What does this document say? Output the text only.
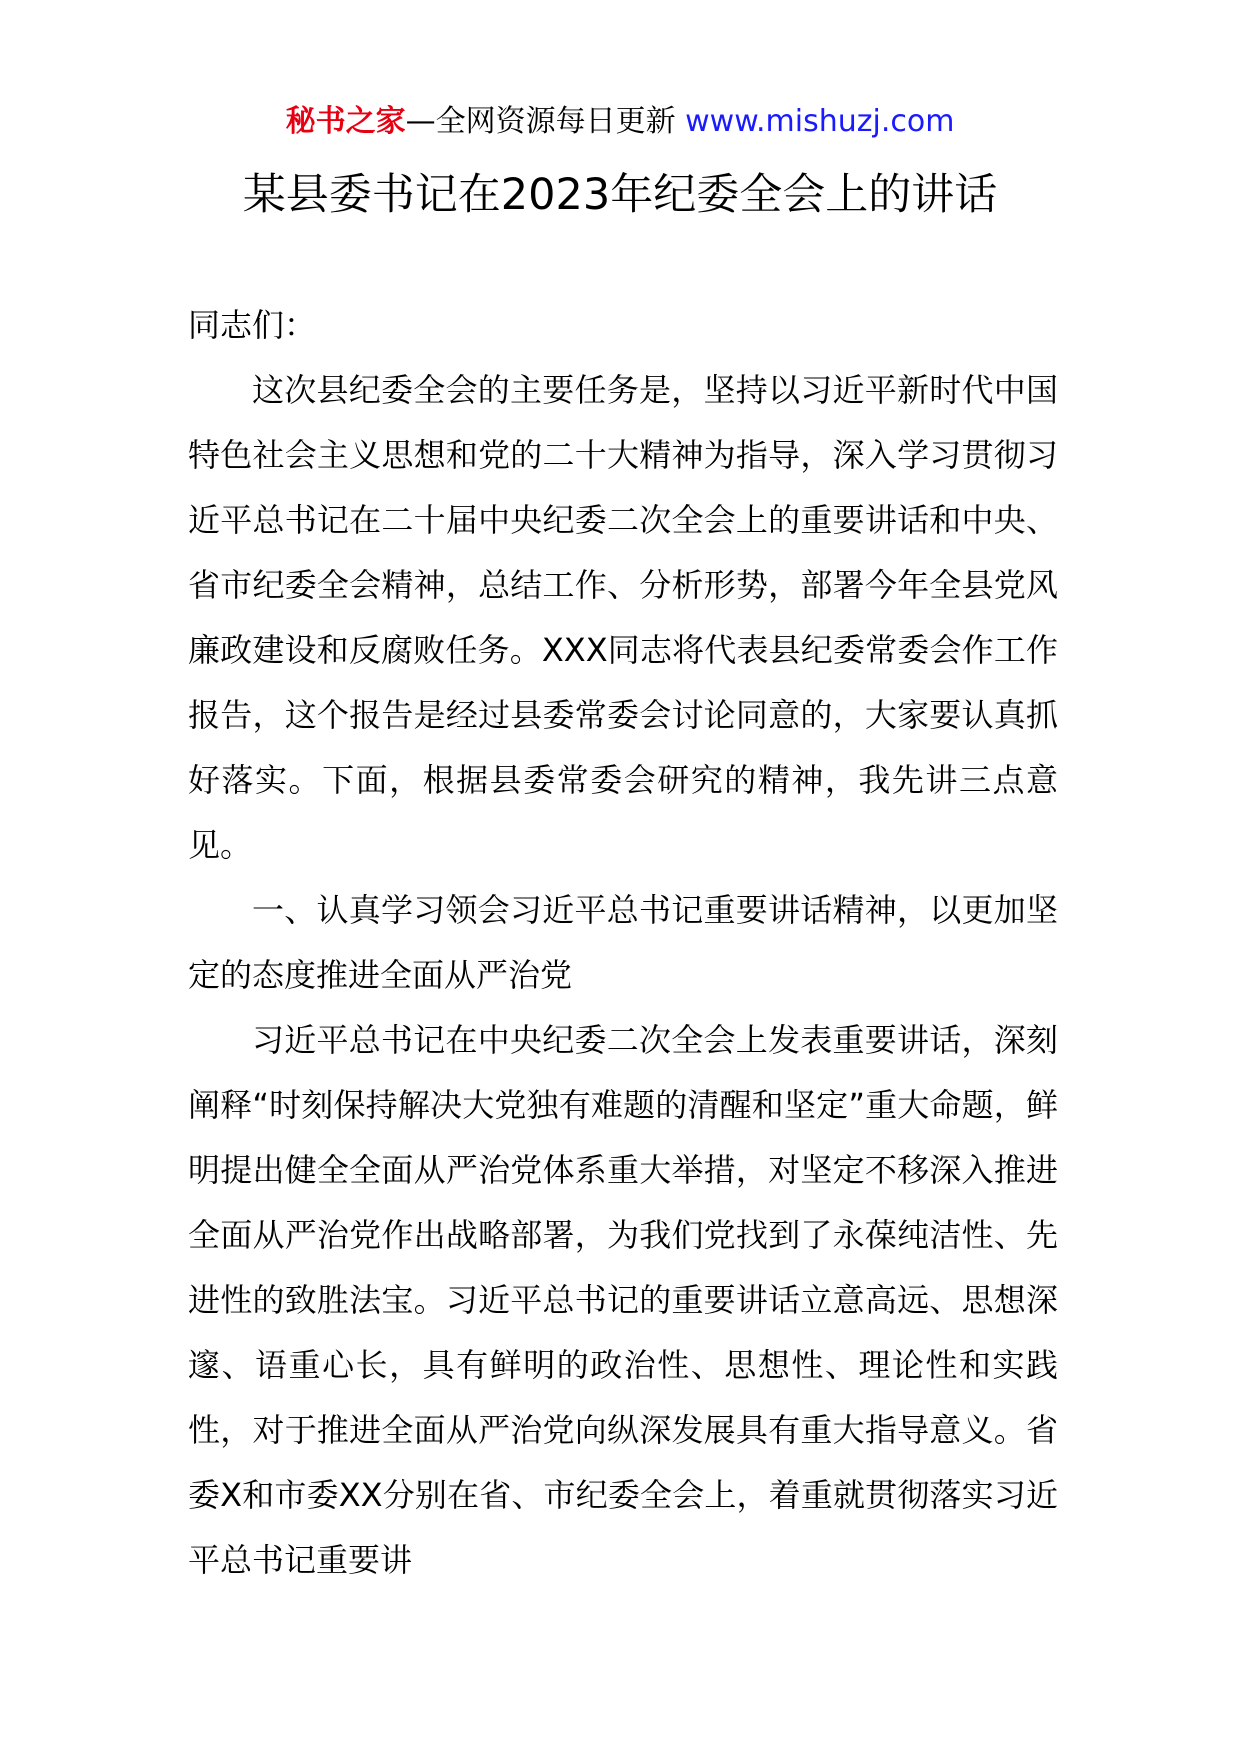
秘书之家—全网资源每日更新 www.mishuzj.com
某县委书记在2023年纪委全会上的讲话

同志们：

这次县纪委全会的主要任务是，坚持以习近平新时代中国特色社会主义思想和党的二十大精神为指导，深入学习贯彻习近平总书记在二十届中央纪委二次全会上的重要讲话和中央、省市纪委全会精神，总结工作、分析形势，部署今年全县党风廉政建设和反腐败任务。XXX同志将代表县纪委常委会作工作报告，这个报告是经过县委常委会讨论同意的，大家要认真抓好落实。下面，根据县委常委会研究的精神，我先讲三点意见。

一、认真学习领会习近平总书记重要讲话精神，以更加坚定的态度推进全面从严治党

习近平总书记在中央纪委二次全会上发表重要讲话，深刻阐释“时刻保持解决大党独有难题的清醒和坚定”重大命题，鲜明提出健全全面从严治党体系重大举措，对坚定不移深入推进全面从严治党作出战略部署，为我们党找到了永葆纯洁性、先进性的致胜法宝。习近平总书记的重要讲话立意高远、思想深邃、语重心长，具有鲜明的政治性、思想性、理论性和实践性，对于推进全面从严治党向纵深发展具有重大指导意义。省委X和市委XX分别在省、市纪委全会上，着重就贯彻落实习近平总书记重要讲
